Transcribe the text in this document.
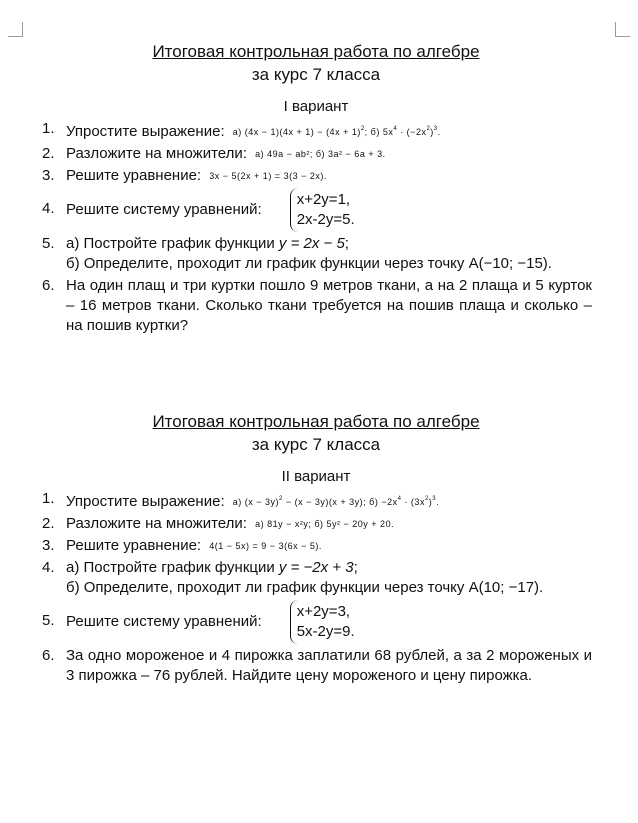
Итоговая контрольная работа по алгебре
за курс 7 класса
I вариант
1. Упростите выражение: а) $(4x - 1)(4x + 1) - (4x + 1)^2$; б) $5x^4 \cdot (-2x^2)^3$.
2. Разложите на множители: а) 49a − ab²; б) 3a² − 6a + 3.
3. Решите уравнение: 3x − 5(2x + 1) = 3(3 − 2x).
4. Решите систему уравнений:
x+2y=1,
2x-2y=5.
5. а) Постройте график функции y = 2x − 5;
б) Определите, проходит ли график функции через точку А(−10; −15).
6. На один плащ и три куртки пошло 9 метров ткани, а на 2 плаща и 5 курток – 16 метров ткани. Сколько ткани требуется на пошив плаща и сколько – на пошив куртки?
Итоговая контрольная работа по алгебре
за курс 7 класса
II вариант
1. Упростите выражение: а) $(x - 3y)^2 - (x - 3y)(x + 3y)$; $б) -2x^4 \cdot (3x^2)^3$.
2. Разложите на множители: а) 81y − x²y; б) 5y² − 20y + 20.
3. Решите уравнение: 4(1 − 5x) = 9 − 3(6x − 5).
4. а) Постройте график функции y = −2x + 3;
б) Определите, проходит ли график функции через точку А(10; −17).
5. Решите систему уравнений:
x+2y=3,
5x-2y=9.
6. За одно мороженое и 4 пирожка заплатили 68 рублей, а за 2 мороженых и 3 пирожка – 76 рублей. Найдите цену мороженого и цену пирожка.
